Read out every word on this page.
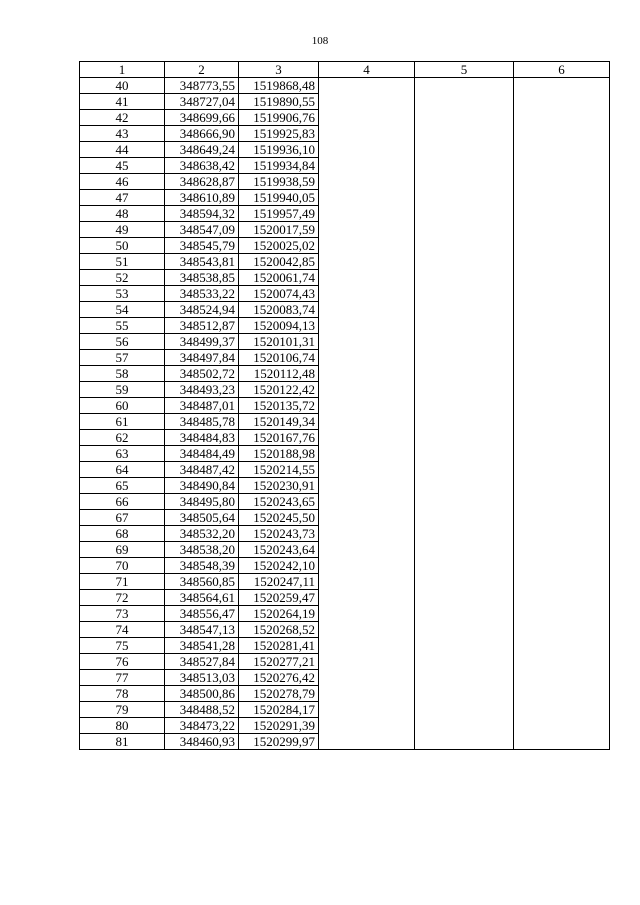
108
1	2	3	4	5	6
40	348773,55	1519868,48			
41	348727,04	1519890,55			
42	348699,66	1519906,76			
43	348666,90	1519925,83			
44	348649,24	1519936,10			
45	348638,42	1519934,84			
46	348628,87	1519938,59			
47	348610,89	1519940,05			
48	348594,32	1519957,49			
49	348547,09	1520017,59			
50	348545,79	1520025,02			
51	348543,81	1520042,85			
52	348538,85	1520061,74			
53	348533,22	1520074,43			
54	348524,94	1520083,74			
55	348512,87	1520094,13			
56	348499,37	1520101,31			
57	348497,84	1520106,74			
58	348502,72	1520112,48			
59	348493,23	1520122,42			
60	348487,01	1520135,72			
61	348485,78	1520149,34			
62	348484,83	1520167,76			
63	348484,49	1520188,98			
64	348487,42	1520214,55			
65	348490,84	1520230,91			
66	348495,80	1520243,65			
67	348505,64	1520245,50			
68	348532,20	1520243,73			
69	348538,20	1520243,64			
70	348548,39	1520242,10			
71	348560,85	1520247,11			
72	348564,61	1520259,47			
73	348556,47	1520264,19			
74	348547,13	1520268,52			
75	348541,28	1520281,41			
76	348527,84	1520277,21			
77	348513,03	1520276,42			
78	348500,86	1520278,79			
79	348488,52	1520284,17			
80	348473,22	1520291,39			
81	348460,93	1520299,97			
